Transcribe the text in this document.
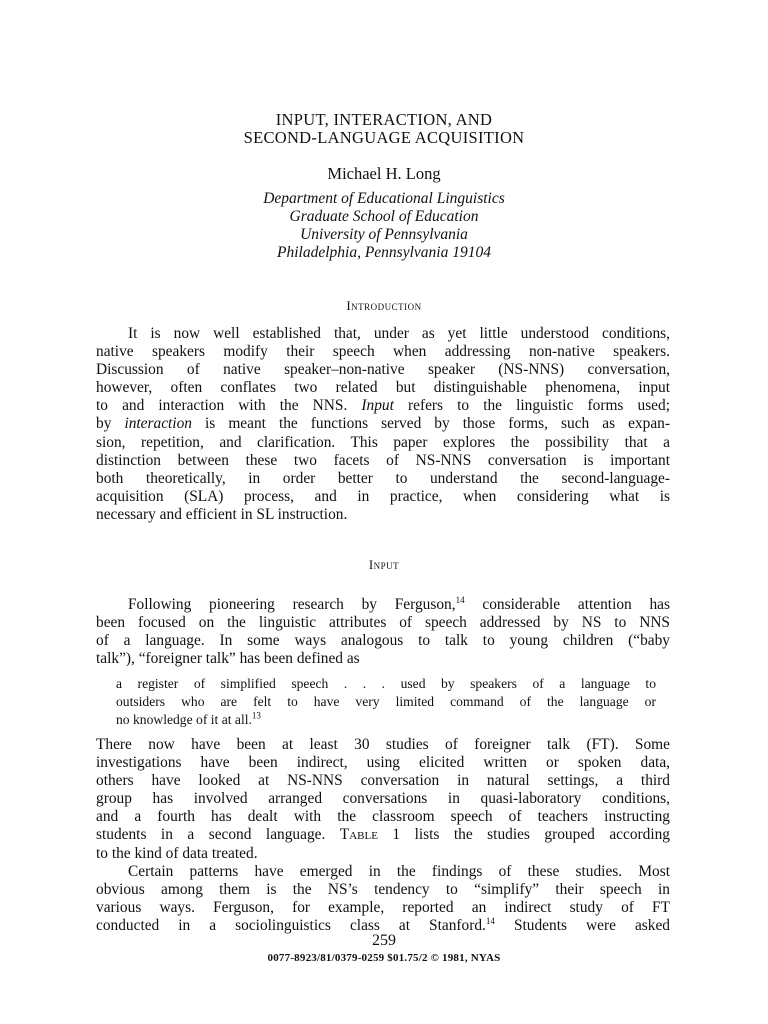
INPUT, INTERACTION, AND
SECOND-LANGUAGE ACQUISITION
Michael H. Long
Department of Educational Linguistics
Graduate School of Education
University of Pennsylvania
Philadelphia, Pennsylvania 19104
Introduction
It is now well established that, under as yet little understood conditions,
native speakers modify their speech when addressing non-native speakers.
Discussion of native speaker–non-native speaker (NS-NNS) conversation,
however, often conflates two related but distinguishable phenomena, input
to and interaction with the NNS. Input refers to the linguistic forms used;
by interaction is meant the functions served by those forms, such as expan-
sion, repetition, and clarification. This paper explores the possibility that a
distinction between these two facets of NS-NNS conversation is important
both theoretically, in order better to understand the second-language-
acquisition (SLA) process, and in practice, when considering what is
necessary and efficient in SL instruction.
Input
Following pioneering research by Ferguson,$^{14}$ considerable attention has
been focused on the linguistic attributes of speech addressed by NS to NNS
of a language. In some ways analogous to talk to young children (“baby
talk”), “foreigner talk” has been defined as
a register of simplified speech . . . used by speakers of a language to
outsiders who are felt to have very limited command of the language or
no knowledge of it at all.$^{13}$
There now have been at least 30 studies of foreigner talk (FT). Some
investigations have been indirect, using elicited written or spoken data,
others have looked at NS-NNS conversation in natural settings, a third
group has involved arranged conversations in quasi-laboratory conditions,
and a fourth has dealt with the classroom speech of teachers instructing
students in a second language. Table 1 lists the studies grouped according
to the kind of data treated.
Certain patterns have emerged in the findings of these studies. Most
obvious among them is the NS’s tendency to “simplify” their speech in
various ways. Ferguson, for example, reported an indirect study of FT
conducted in a sociolinguistics class at Stanford.$^{14}$ Students were asked
259
0077-8923/81/0379-0259 $01.75/2 © 1981, NYAS
